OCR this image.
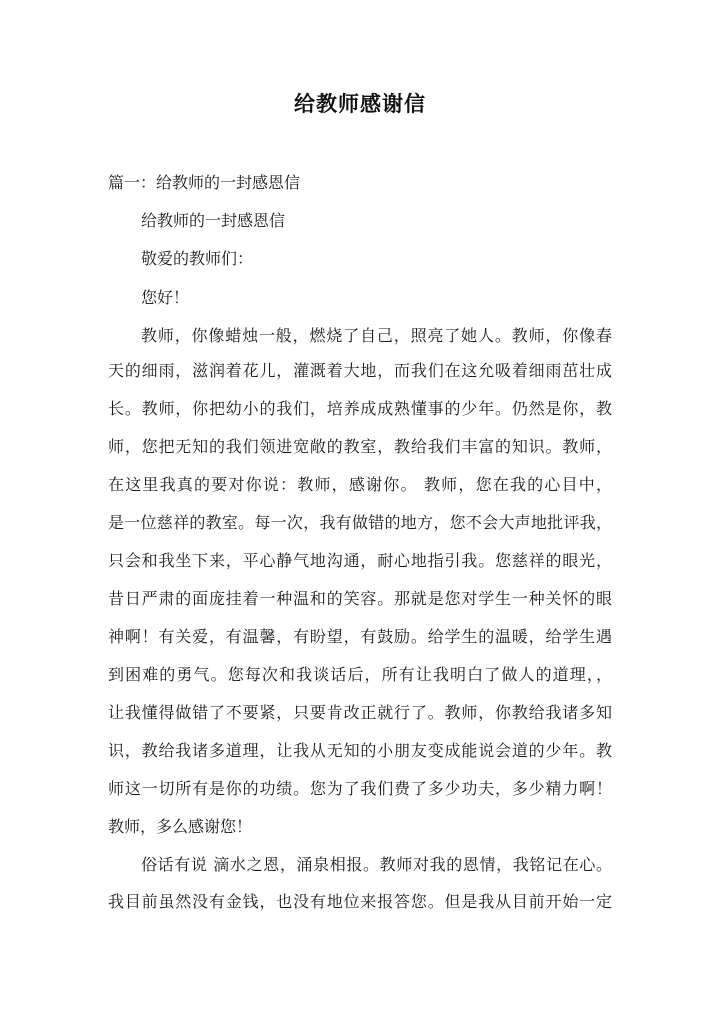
给教师感谢信
篇一：给教师的一封感恩信
给教师的一封感恩信
敬爱的教师们：
您好！
教师，你像蜡烛一般，燃烧了自己，照亮了她人。教师，你像春
天的细雨，滋润着花儿，灌溉着大地，而我们在这允吸着细雨茁壮成
长。教师，你把幼小的我们，培养成成熟懂事的少年。仍然是你，教
师，您把无知的我们领进宽敞的教室，教给我们丰富的知识。教师，
在这里我真的要对你说：教师，感谢你。 教师，您在我的心目中，
是一位慈祥的教室。每一次，我有做错的地方，您不会大声地批评我，
只会和我坐下来，平心静气地沟通，耐心地指引我。您慈祥的眼光，
昔日严肃的面庞挂着一种温和的笑容。那就是您对学生一种关怀的眼
神啊！有关爱，有温馨，有盼望，有鼓励。给学生的温暖，给学生遇
到困难的勇气。您每次和我谈话后，所有让我明白了做人的道理，，
让我懂得做错了不要紧，只要肯改正就行了。教师，你教给我诸多知
识，教给我诸多道理，让我从无知的小朋友变成能说会道的少年。教
师这一切所有是你的功绩。您为了我们费了多少功夫，多少精力啊！
教师，多么感谢您！
俗话有说 滴水之恩，涌泉相报。教师对我的恩情，我铭记在心。
我目前虽然没有金钱，也没有地位来报答您。但是我从目前开始一定
